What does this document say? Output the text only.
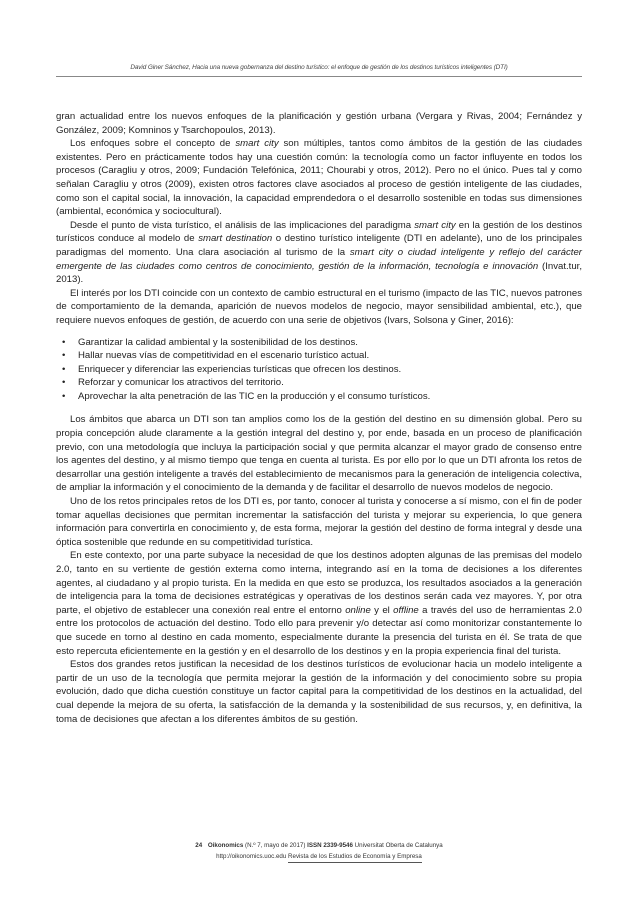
David Giner Sánchez, Hacia una nueva gobernanza del destino turístico: el enfoque de gestión de los destinos turísticos inteligentes (DTI)

gran actualidad entre los nuevos enfoques de la planificación y gestión urbana (Vergara y Rivas, 2004; Fernández y González, 2009; Komninos y Tsarchopoulos, 2013).

Los enfoques sobre el concepto de smart city son múltiples, tantos como ámbitos de la gestión de las ciudades existentes. Pero en prácticamente todos hay una cuestión común: la tecnología como un factor influyente en todos los procesos (Caragliu y otros, 2009; Fundación Telefónica, 2011; Chourabi y otros, 2012). Pero no el único. Pues tal y como señalan Caragliu y otros (2009), existen otros factores clave asociados al proceso de gestión inteligente de las ciudades, como son el capital social, la innovación, la capacidad emprendedora o el desarrollo sostenible en todas sus dimensiones (ambiental, económica y sociocultural).

Desde el punto de vista turístico, el análisis de las implicaciones del paradigma smart city en la gestión de los destinos turísticos conduce al modelo de smart destination o destino turístico inteligente (DTI en adelante), uno de los principales paradigmas del momento. Una clara asociación al turismo de la smart city o ciudad inteligente y reflejo del carácter emergente de las ciudades como centros de conocimiento, gestión de la información, tecnología e innovación (Invat.tur, 2013).

El interés por los DTI coincide con un contexto de cambio estructural en el turismo (impacto de las TIC, nuevos patrones de comportamiento de la demanda, aparición de nuevos modelos de negocio, mayor sensibilidad ambiental, etc.), que requiere nuevos enfoques de gestión, de acuerdo con una serie de objetivos (Ivars, Solsona y Giner, 2016):

• Garantizar la calidad ambiental y la sostenibilidad de los destinos.
• Hallar nuevas vías de competitividad en el escenario turístico actual.
• Enriquecer y diferenciar las experiencias turísticas que ofrecen los destinos.
• Reforzar y comunicar los atractivos del territorio.
• Aprovechar la alta penetración de las TIC en la producción y el consumo turísticos.

Los ámbitos que abarca un DTI son tan amplios como los de la gestión del destino en su dimensión global. Pero su propia concepción alude claramente a la gestión integral del destino y, por ende, basada en un proceso de planificación previo, con una metodología que incluya la participación social y que permita alcanzar el mayor grado de consenso entre los agentes del destino, y al mismo tiempo que tenga en cuenta al turista. Es por ello por lo que un DTI afronta los retos de desarrollar una gestión inteligente a través del establecimiento de mecanismos para la generación de inteligencia colectiva, de ampliar la información y el conocimiento de la demanda y de facilitar el desarrollo de nuevos modelos de negocio.

Uno de los retos principales retos de los DTI es, por tanto, conocer al turista y conocerse a sí mismo, con el fin de poder tomar aquellas decisiones que permitan incrementar la satisfacción del turista y mejorar su experiencia, lo que genera información para convertirla en conocimiento y, de esta forma, mejorar la gestión del destino de forma integral y desde una óptica sostenible que redunde en su competitividad turística.

En este contexto, por una parte subyace la necesidad de que los destinos adopten algunas de las premisas del modelo 2.0, tanto en su vertiente de gestión externa como interna, integrando así en la toma de decisiones a los diferentes agentes, al ciudadano y al propio turista. En la medida en que esto se produzca, los resultados asociados a la generación de inteligencia para la toma de decisiones estratégicas y operativas de los destinos serán cada vez mayores. Y, por otra parte, el objetivo de establecer una conexión real entre el entorno online y el offline a través del uso de herramientas 2.0 entre los protocolos de actuación del destino. Todo ello para prevenir y/o detectar así como monitorizar constantemente lo que sucede en torno al destino en cada momento, especialmente durante la presencia del turista en él. Se trata de que esto repercuta eficientemente en la gestión y en el desarrollo de los destinos y en la propia experiencia final del turista.

Estos dos grandes retos justifican la necesidad de los destinos turísticos de evolucionar hacia un modelo inteligente a partir de un uso de la tecnología que permita mejorar la gestión de la información y del conocimiento sobre su propia evolución, dado que dicha cuestión constituye un factor capital para la competitividad de los destinos en la actualidad, del cual depende la mejora de su oferta, la satisfacción de la demanda y la sostenibilidad de sus recursos, y, en definitiva, la toma de decisiones que afectan a los diferentes ámbitos de su gestión.

24 Oikonomics (N.º 7, mayo de 2017) ISSN 2339-9546 Universitat Oberta de Catalunya
http://oikonomics.uoc.edu Revista de los Estudios de Economía y Empresa
